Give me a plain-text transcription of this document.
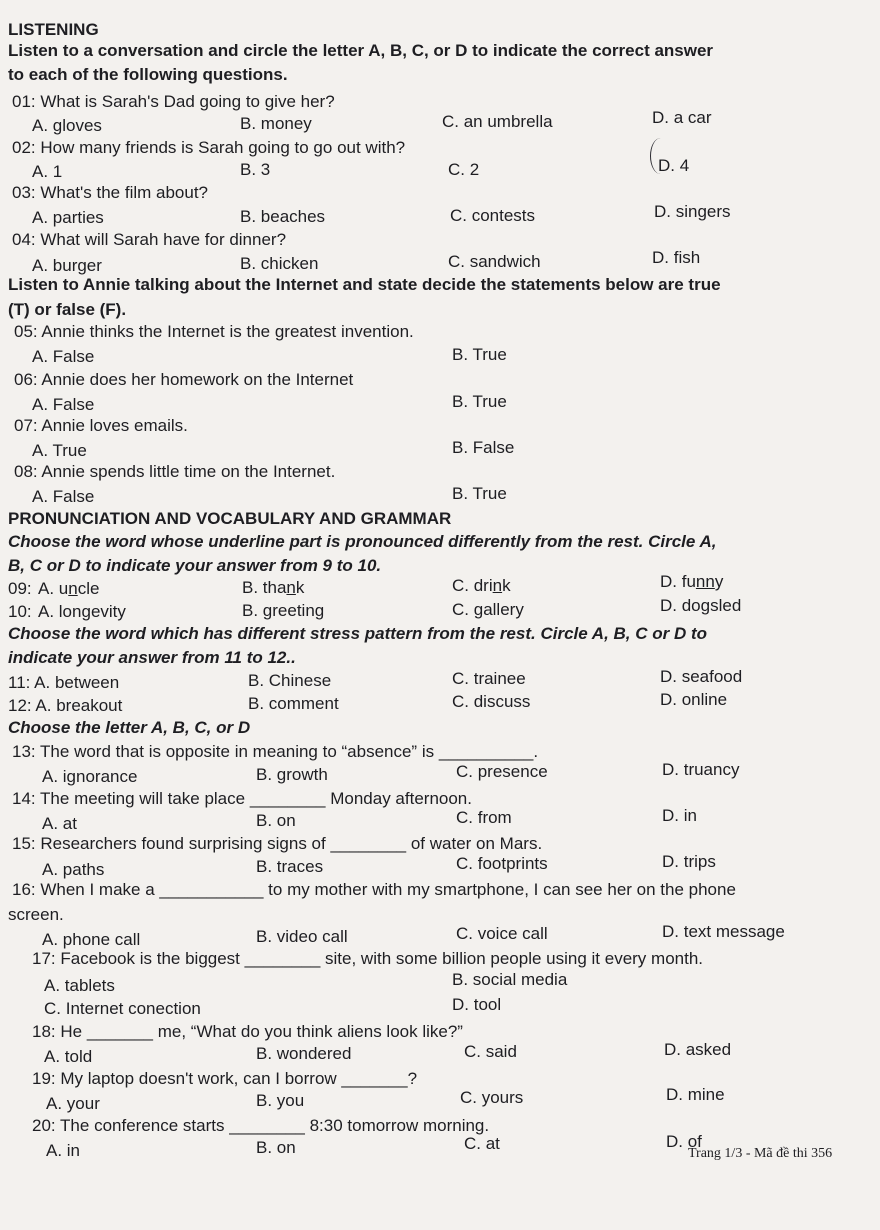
LISTENING
Listen to a conversation and circle the letter A, B, C, or D to indicate the correct answer
to each of the following questions.
01: What is Sarah's Dad going to give her?
A. gloves	B. money	C. an umbrella	D. a car
02: How many friends is Sarah going to go out with?
A. 1	B. 3	C. 2	D. 4
03: What's the film about?
A. parties	B. beaches	C. contests	D. singers
04: What will Sarah have for dinner?
A. burger	B. chicken	C. sandwich	D. fish
Listen to Annie talking about the Internet and state decide the statements below are true
(T) or false (F).
05: Annie thinks the Internet is the greatest invention.
A. False	B. True
06: Annie does her homework on the Internet
A. False	B. True
07: Annie loves emails.
A. True	B. False
08: Annie spends little time on the Internet.
A. False	B. True
PRONUNCIATION AND VOCABULARY AND GRAMMAR
Choose the word whose underline part is pronounced differently from the rest. Circle A,
B, C or D to indicate your answer from 9 to 10.
09: A. uncle	B. thank	C. drink	D. funny
10: A. longevity	B. greeting	C. gallery	D. dogsled
Choose the word which has different stress pattern from the rest. Circle A, B, C or D to
indicate your answer from 11 to 12..
11: A. between	B. Chinese	C. trainee	D. seafood
12: A. breakout	B. comment	C. discuss	D. online
Choose the letter A, B, C, or D
13: The word that is opposite in meaning to “absence” is __________.
A. ignorance	B. growth	C. presence	D. truancy
14: The meeting will take place ________ Monday afternoon.
A. at	B. on	C. from	D. in
15: Researchers found surprising signs of ________ of water on Mars.
A. paths	B. traces	C. footprints	D. trips
16: When I make a ___________ to my mother with my smartphone, I can see her on the phone
screen.
A. phone call	B. video call	C. voice call	D. text message
17: Facebook is the biggest ________ site, with some billion people using it every month.
A. tablets	B. social media
C. Internet conection	D. tool
18: He _______ me, “What do you think aliens look like?”
A. told	B. wondered	C. said	D. asked
19: My laptop doesn't work, can I borrow _______?
A. your	B. you	C. yours	D. mine
20: The conference starts ________ 8:30 tomorrow morning.
A. in	B. on	C. at	D. of
Trang 1/3 - Mã đề thi 356
